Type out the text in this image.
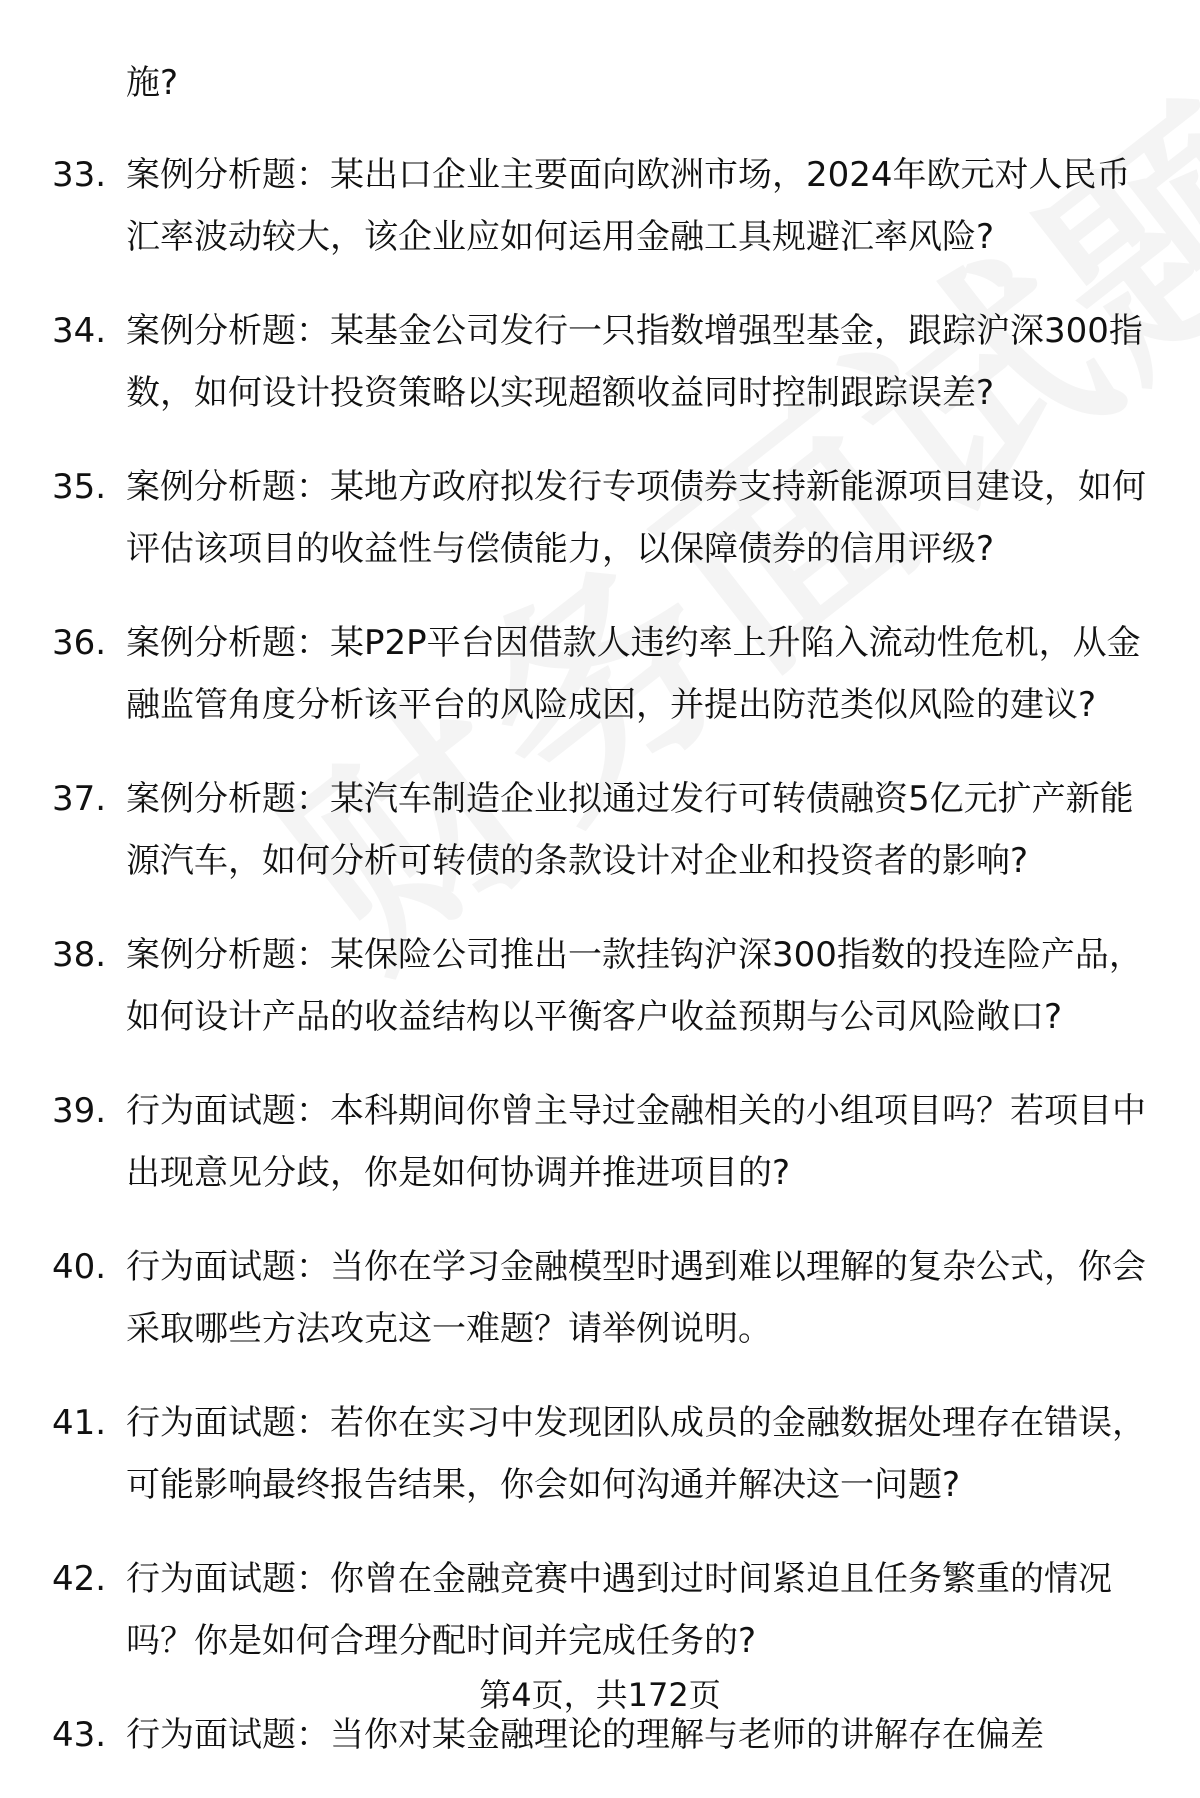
施?

33. 案例分析题：某出口企业主要面向欧洲市场，2024年欧元对人民币汇率波动较大，该企业应如何运用金融工具规避汇率风险?
34. 案例分析题：某基金公司发行一只指数增强型基金，跟踪沪深300指数，如何设计投资策略以实现超额收益同时控制跟踪误差?
35. 案例分析题：某地方政府拟发行专项债券支持新能源项目建设，如何评估该项目的收益性与偿债能力，以保障债券的信用评级?
36. 案例分析题：某P2P平台因借款人违约率上升陷入流动性危机，从金融监管角度分析该平台的风险成因，并提出防范类似风险的建议?
37. 案例分析题：某汽车制造企业拟通过发行可转债融资5亿元扩产新能源汽车，如何分析可转债的条款设计对企业和投资者的影响?
38. 案例分析题：某保险公司推出一款挂钩沪深300指数的投连险产品，如何设计产品的收益结构以平衡客户收益预期与公司风险敞口?
39. 行为面试题：本科期间你曾主导过金融相关的小组项目吗？若项目中出现意见分歧，你是如何协调并推进项目的?
40. 行为面试题：当你在学习金融模型时遇到难以理解的复杂公式，你会采取哪些方法攻克这一难题？请举例说明。
41. 行为面试题：若你在实习中发现团队成员的金融数据处理存在错误，可能影响最终报告结果，你会如何沟通并解决这一问题?
42. 行为面试题：你曾在金融竞赛中遇到过时间紧迫且任务繁重的情况吗？你是如何合理分配时间并完成任务的?
43. 行为面试题：当你对某金融理论的理解与老师的讲解存在偏差
第4页，共172页
